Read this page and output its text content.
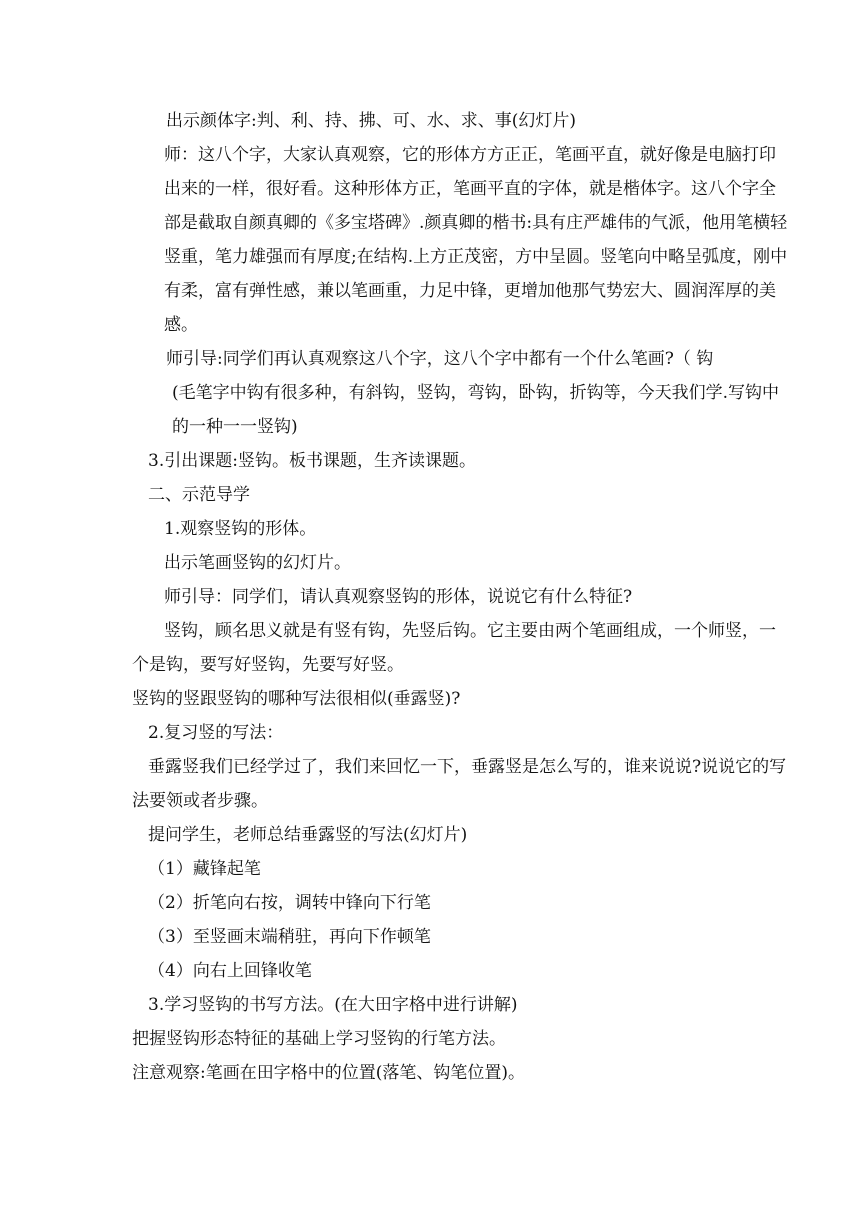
出示颜体字:判、利、持、拂、可、水、求、事(幻灯片)

师：这八个字，大家认真观察，它的形体方方正正，笔画平直，就好像是电脑打印出来的一样，很好看。这种形体方正，笔画平直的字体，就是楷体字。这八个字全部是截取自颜真卿的《多宝塔碑》.颜真卿的楷书:具有庄严雄伟的气派，他用笔横轻竖重，笔力雄强而有厚度;在结构.上方正茂密，方中呈圆。竖笔向中略呈弧度，刚中有柔，富有弹性感，兼以笔画重，力足中锋，更增加他那气势宏大、圆润浑厚的美感。

师引导:同学们再认真观察这八个字，这八个字中都有一个什么笔画?（ 钩

(毛笔字中钩有很多种，有斜钩，竖钩，弯钩，卧钩，折钩等，今天我们学.写钩中的一种一一竖钩)

3.引出课题:竖钩。板书课题，生齐读课题。

二、示范导学

1.观察竖钩的形体。

出示笔画竖钩的幻灯片。

师引导：同学们，请认真观察竖钩的形体，说说它有什么特征?

竖钩，顾名思义就是有竖有钩，先竖后钩。它主要由两个笔画组成，一个师竖，一个是钩，要写好竖钩，先要写好竖。

竖钩的竖跟竖钩的哪种写法很相似(垂露竖)?

2.复习竖的写法：

垂露竖我们已经学过了，我们来回忆一下，垂露竖是怎么写的，谁来说说?说说它的写法要领或者步骤。

提问学生，老师总结垂露竖的写法(幻灯片)

（1）藏锋起笔

（2）折笔向右按，调转中锋向下行笔

（3）至竖画末端稍驻，再向下作顿笔

（4）向右上回锋收笔

3.学习竖钩的书写方法。(在大田字格中进行讲解)

把握竖钩形态特征的基础上学习竖钩的行笔方法。

注意观察:笔画在田字格中的位置(落笔、钩笔位置)。
